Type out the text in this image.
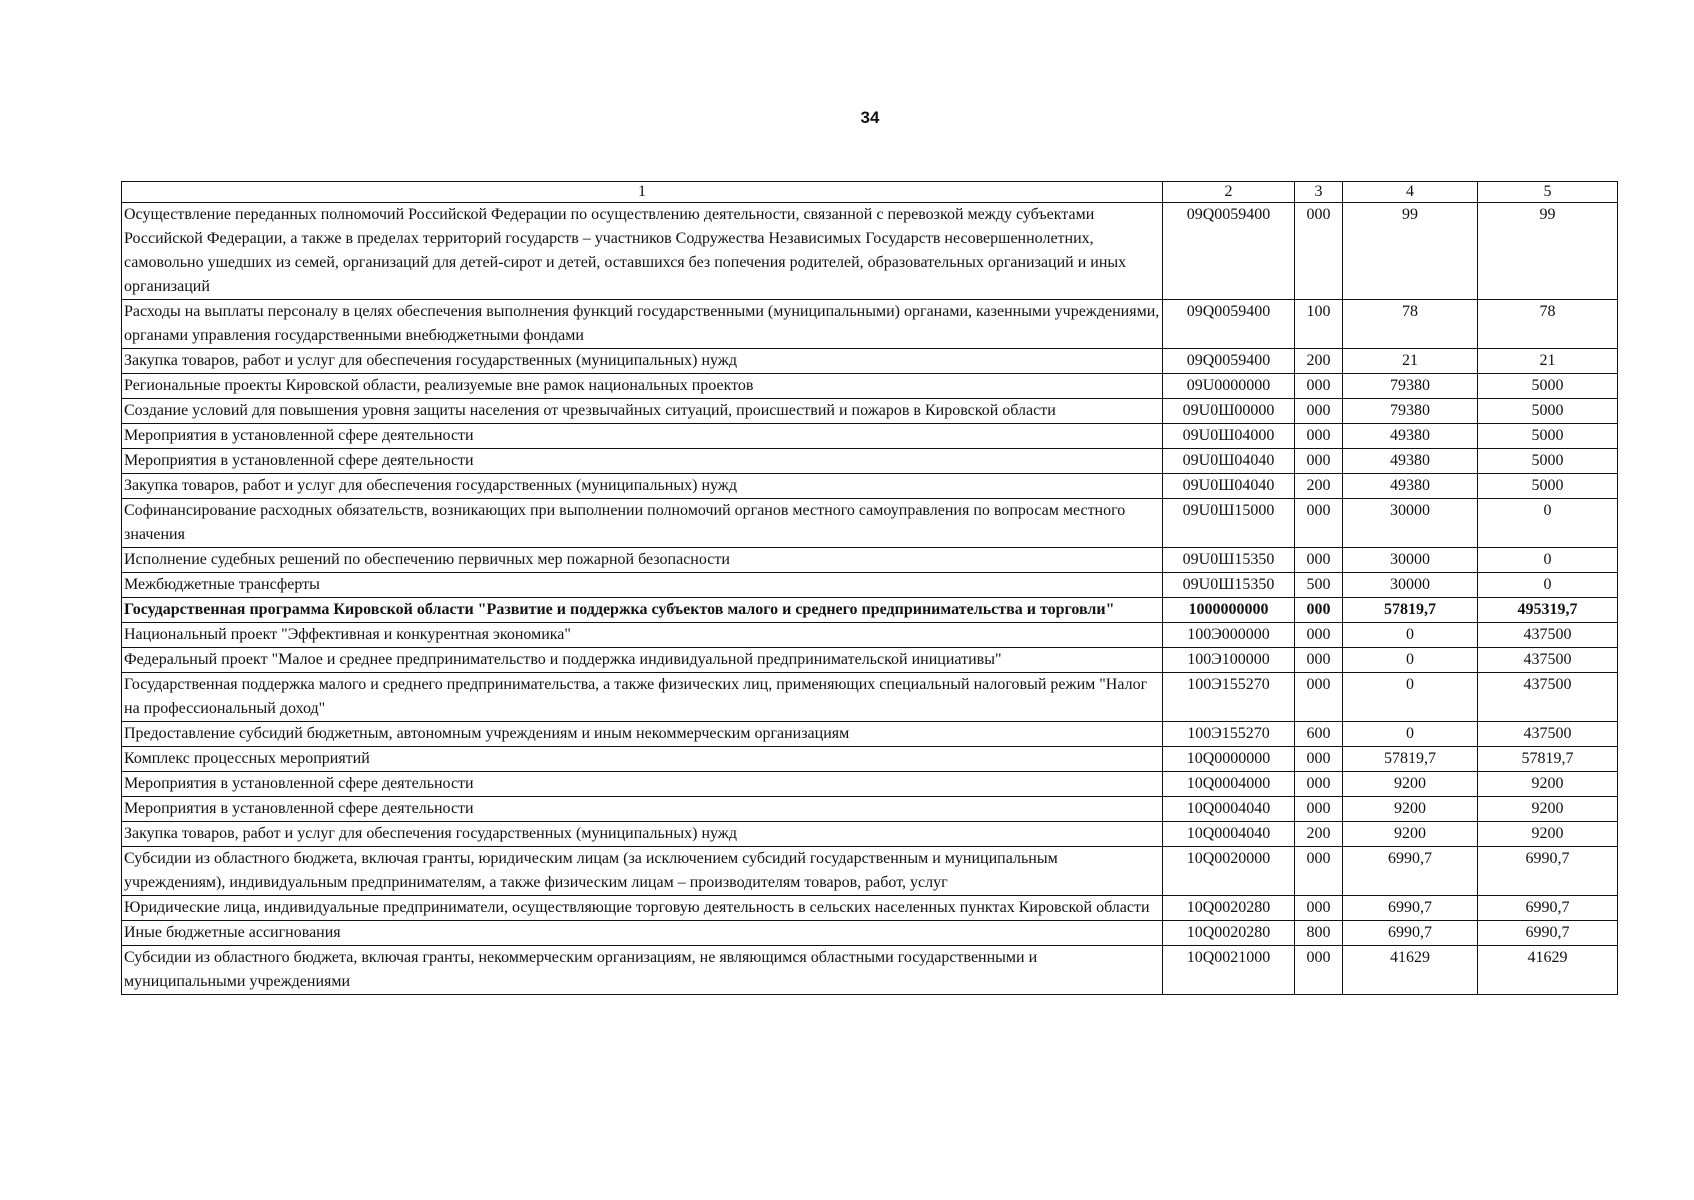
34
1	2	3	4	5
Осуществление переданных полномочий Российской Федерации по осуществлению деятельности, связанной с перевозкой между субъектами Российской Федерации, а также в пределах территорий государств – участников Содружества Независимых Государств несовершеннолетних, самовольно ушедших из семей, организаций для детей-сирот и детей, оставшихся без попечения родителей, образовательных организаций и иных организаций	09Q0059400	000	99	99
Расходы на выплаты персоналу в целях обеспечения выполнения функций государственными (муниципальными) органами, казенными учреждениями, органами управления государственными внебюджетными фондами	09Q0059400	100	78	78
Закупка товаров, работ и услуг для обеспечения государственных (муниципальных) нужд	09Q0059400	200	21	21
Региональные проекты Кировской области, реализуемые вне рамок национальных проектов	09U0000000	000	79380	5000
Создание условий для повышения уровня защиты населения от чрезвычайных ситуаций, происшествий и пожаров в Кировской области	09U0Ш00000	000	79380	5000
Мероприятия в установленной сфере деятельности	09U0Ш04000	000	49380	5000
Мероприятия в установленной сфере деятельности	09U0Ш04040	000	49380	5000
Закупка товаров, работ и услуг для обеспечения государственных (муниципальных) нужд	09U0Ш04040	200	49380	5000
Софинансирование расходных обязательств, возникающих при выполнении полномочий органов местного самоуправления по вопросам местного значения	09U0Ш15000	000	30000	0
Исполнение судебных решений по обеспечению первичных мер пожарной безопасности	09U0Ш15350	000	30000	0
Межбюджетные трансферты	09U0Ш15350	500	30000	0
Государственная программа Кировской области "Развитие и поддержка субъектов малого и среднего предпринимательства и торговли"	1000000000	000	57819,7	495319,7
Национальный проект "Эффективная и конкурентная экономика"	100Э000000	000	0	437500
Федеральный проект "Малое и среднее предпринимательство и поддержка индивидуальной предпринимательской инициативы"	100Э100000	000	0	437500
Государственная поддержка малого и среднего предпринимательства, а также физических лиц, применяющих специальный налоговый режим "Налог на профессиональный доход"	100Э155270	000	0	437500
Предоставление субсидий бюджетным, автономным учреждениям и иным некоммерческим организациям	100Э155270	600	0	437500
Комплекс процессных мероприятий	10Q0000000	000	57819,7	57819,7
Мероприятия в установленной сфере деятельности	10Q0004000	000	9200	9200
Мероприятия в установленной сфере деятельности	10Q0004040	000	9200	9200
Закупка товаров, работ и услуг для обеспечения государственных (муниципальных) нужд	10Q0004040	200	9200	9200
Субсидии из областного бюджета, включая гранты, юридическим лицам (за исключением субсидий государственным и муниципальным учреждениям), индивидуальным предпринимателям, а также физическим лицам – производителям товаров, работ, услуг	10Q0020000	000	6990,7	6990,7
Юридические лица, индивидуальные предприниматели, осуществляющие торговую деятельность в сельских населенных пунктах Кировской области	10Q0020280	000	6990,7	6990,7
Иные бюджетные ассигнования	10Q0020280	800	6990,7	6990,7
Субсидии из областного бюджета, включая гранты, некоммерческим организациям, не являющимся областными государственными и муниципальными учреждениями	10Q0021000	000	41629	41629
